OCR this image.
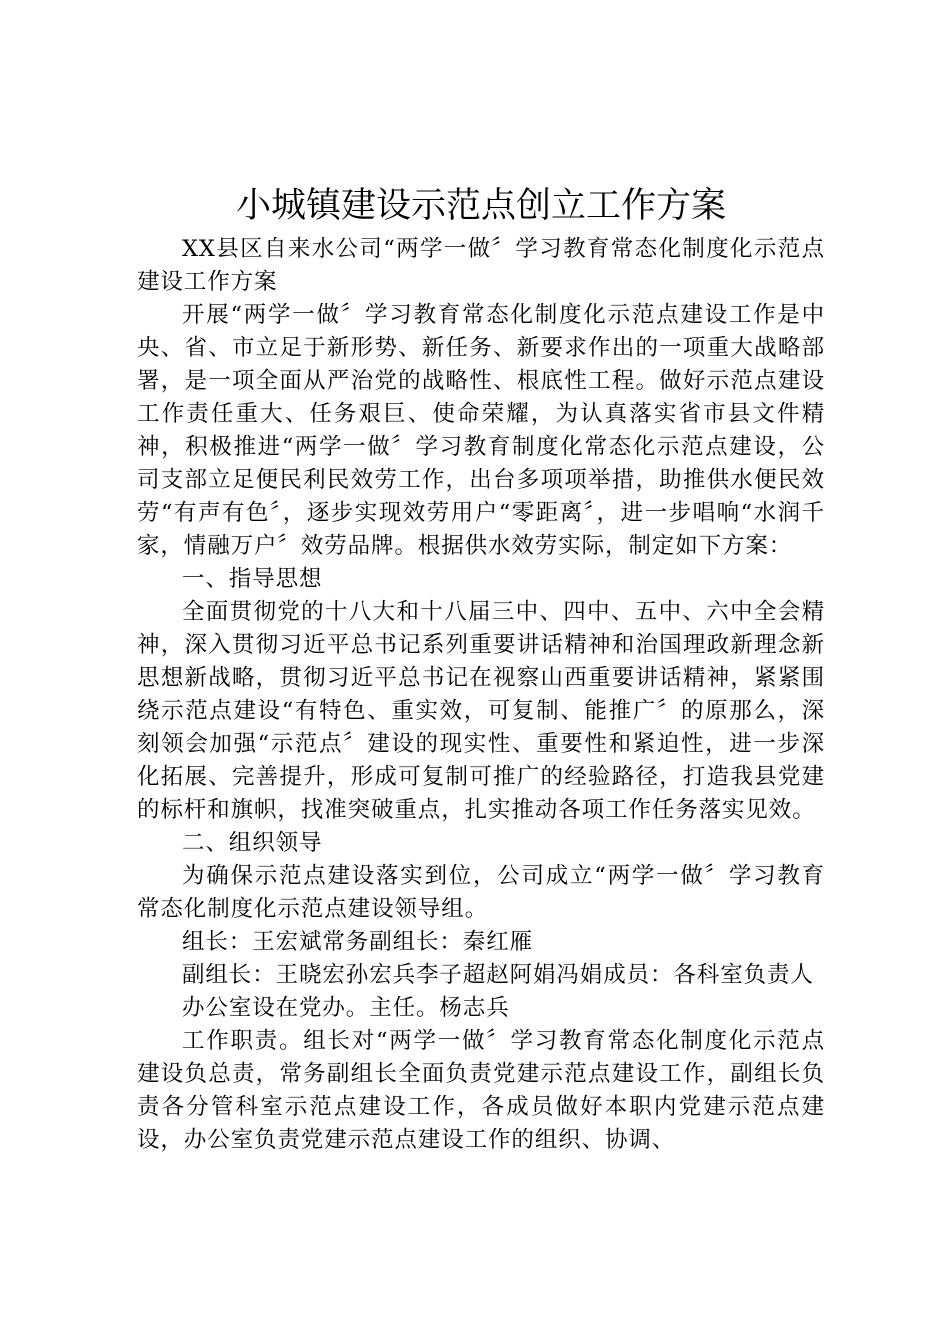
小城镇建设示范点创立工作方案

XX县区自来水公司“两学一做〞学习教育常态化制度化示范点建设工作方案

开展“两学一做〞学习教育常态化制度化示范点建设工作是中央、省、市立足于新形势、新任务、新要求作出的一项重大战略部署，是一项全面从严治党的战略性、根底性工程。做好示范点建设工作责任重大、任务艰巨、使命荣耀，为认真落实省市县文件精神，积极推进“两学一做〞学习教育制度化常态化示范点建设，公司支部立足便民利民效劳工作，出台多项项举措，助推供水便民效劳“有声有色〞，逐步实现效劳用户“零距离〞，进一步唱响“水润千家，情融万户〞效劳品牌。根据供水效劳实际，制定如下方案：

一、指导思想

全面贯彻党的十八大和十八届三中、四中、五中、六中全会精神，深入贯彻习近平总书记系列重要讲话精神和治国理政新理念新思想新战略，贯彻习近平总书记在视察山西重要讲话精神，紧紧围绕示范点建设“有特色、重实效，可复制、能推广〞的原那么，深刻领会加强“示范点〞建设的现实性、重要性和紧迫性，进一步深化拓展、完善提升，形成可复制可推广的经验路径，打造我县党建的标杆和旗帜，找准突破重点，扎实推动各项工作任务落实见效。

二、组织领导

为确保示范点建设落实到位，公司成立“两学一做〞学习教育常态化制度化示范点建设领导组。

组长：王宏斌常务副组长：秦红雁

副组长：王晓宏孙宏兵李子超赵阿娟冯娟成员：各科室负责人

办公室设在党办。主任。杨志兵

工作职责。组长对“两学一做〞学习教育常态化制度化示范点建设负总责，常务副组长全面负责党建示范点建设工作，副组长负责各分管科室示范点建设工作，各成员做好本职内党建示范点建设，办公室负责党建示范点建设工作的组织、协调、
